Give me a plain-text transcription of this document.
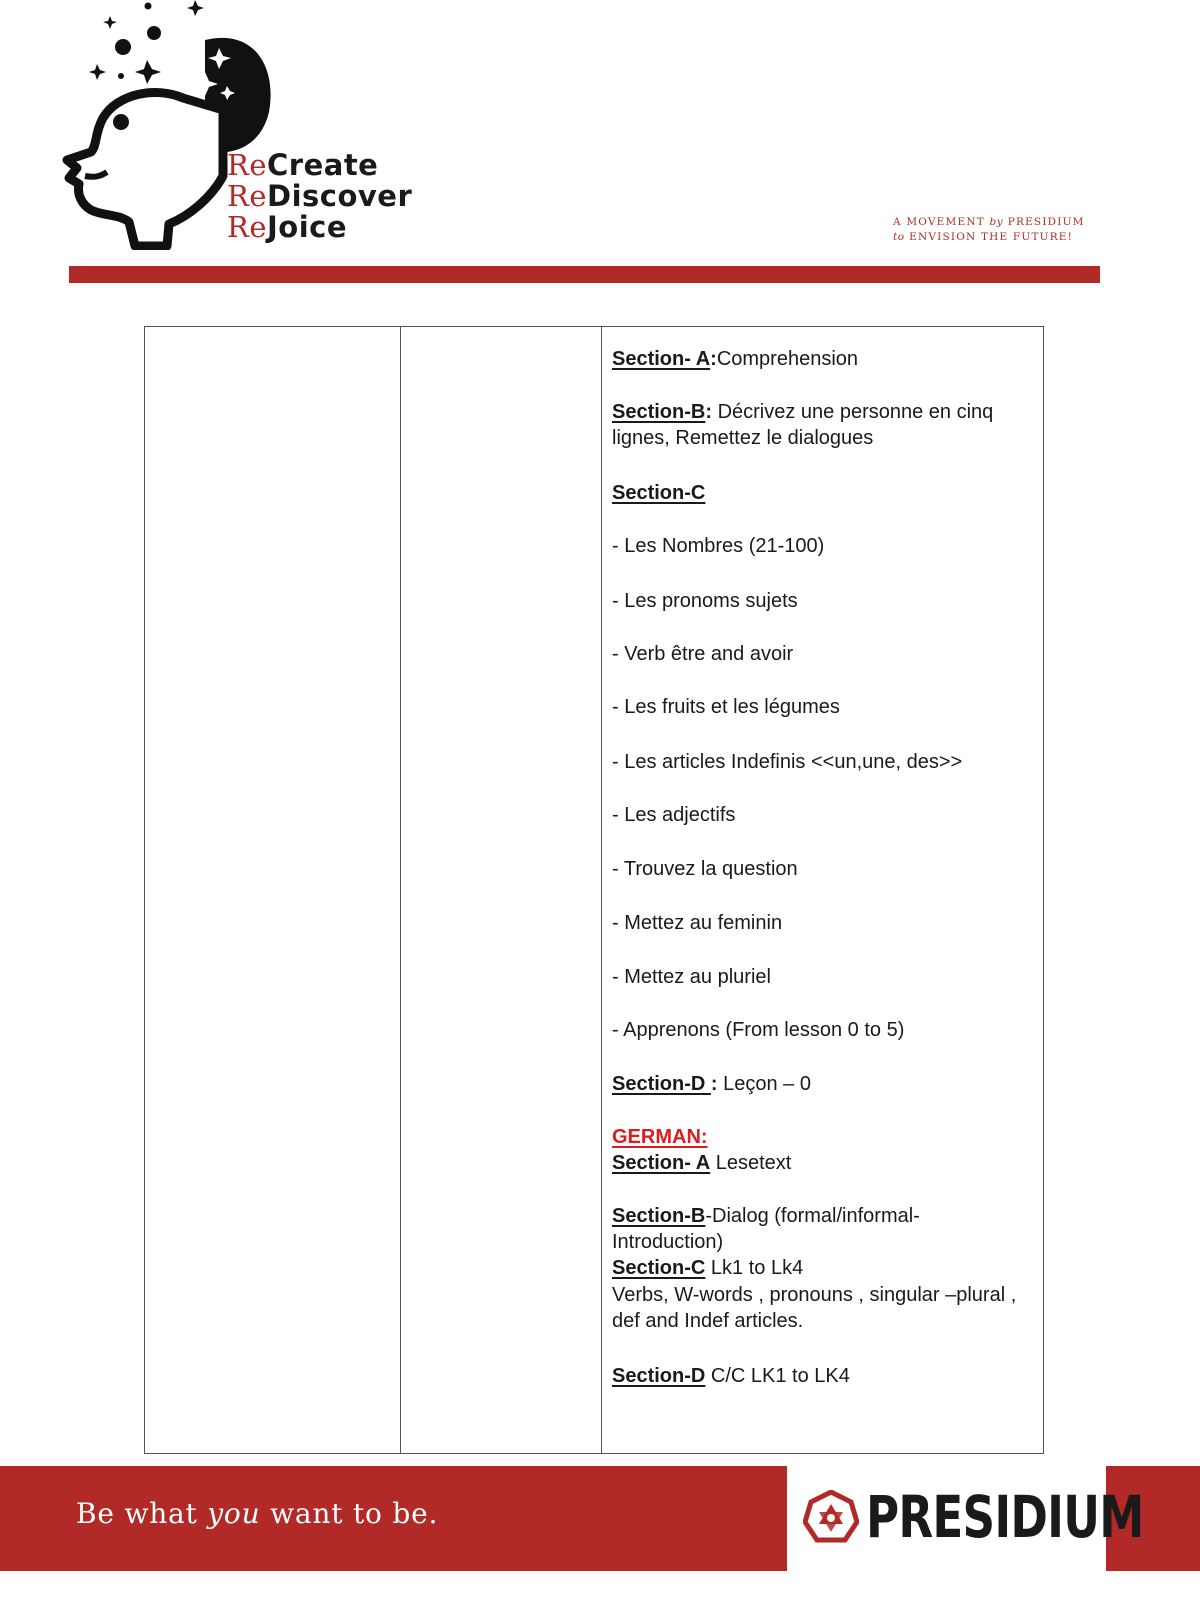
ReCreate
ReDiscover
ReJoice	A MOVEMENT by PRESIDIUM
to ENVISION THE FUTURE!
Section- A:Comprehension
Section-B: Décrivez une personne en cinq
lignes, Remettez le dialogues
Section-C
- Les Nombres (21-100)
- Les pronoms sujets
- Verb être and avoir
- Les fruits et les légumes
- Les articles Indefinis <<un,une, des>>
- Les adjectifs
- Trouvez la question
- Mettez au feminin
- Mettez au pluriel
- Apprenons (From lesson 0 to 5)
Section-D : Leçon – 0
GERMAN:
Section- A Lesetext
Section-B-Dialog (formal/informal-
Introduction)
Section-C Lk1 to Lk4
Verbs, W-words , pronouns , singular –plural ,
def and Indef articles.
Section-D C/C LK1 to LK4
Be what you want to be.	PRESIDIUM
